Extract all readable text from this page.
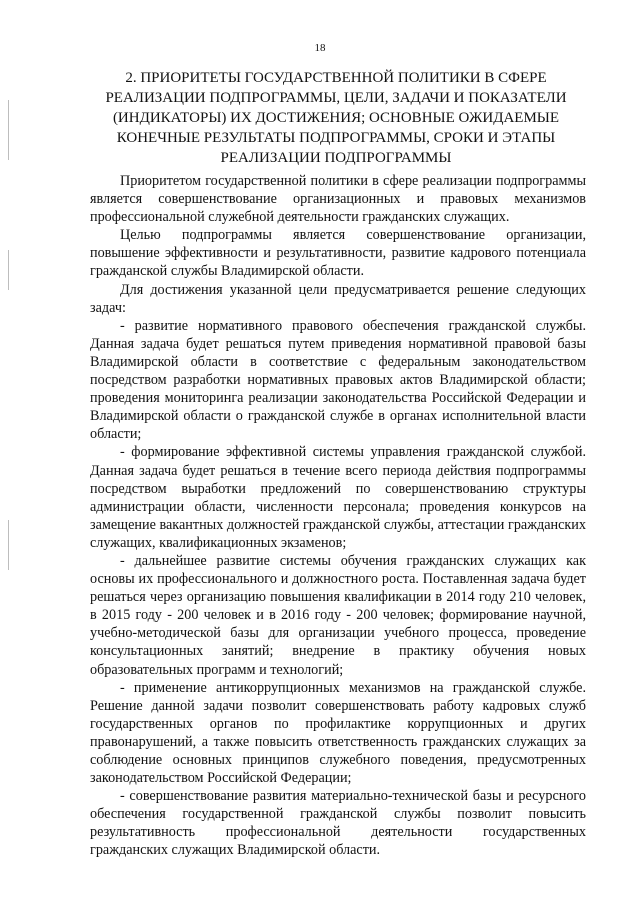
18
2. ПРИОРИТЕТЫ ГОСУДАРСТВЕННОЙ ПОЛИТИКИ В СФЕРЕ РЕАЛИЗАЦИИ ПОДПРОГРАММЫ, ЦЕЛИ, ЗАДАЧИ И ПОКАЗАТЕЛИ (ИНДИКАТОРЫ) ИХ ДОСТИЖЕНИЯ; ОСНОВНЫЕ ОЖИДАЕМЫЕ КОНЕЧНЫЕ РЕЗУЛЬТАТЫ ПОДПРОГРАММЫ, СРОКИ И ЭТАПЫ РЕАЛИЗАЦИИ ПОДПРОГРАММЫ

Приоритетом государственной политики в сфере реализации подпрограммы является совершенствование организационных и правовых механизмов профессиональной служебной деятельности гражданских служащих.

Целью подпрограммы является совершенствование организации, повышение эффективности и результативности, развитие кадрового потенциала гражданской службы Владимирской области.

Для достижения указанной цели предусматривается решение следующих задач:

- развитие нормативного правового обеспечения гражданской службы. Данная задача будет решаться путем приведения нормативной правовой базы Владимирской области в соответствие с федеральным законодательством посредством разработки нормативных правовых актов Владимирской области; проведения мониторинга реализации законодательства Российской Федерации и Владимирской области о гражданской службе в органах исполнительной власти области;

- формирование эффективной системы управления гражданской службой. Данная задача будет решаться в течение всего периода действия подпрограммы посредством выработки предложений по совершенствованию структуры администрации области, численности персонала; проведения конкурсов на замещение вакантных должностей гражданской службы, аттестации гражданских служащих, квалификационных экзаменов;

- дальнейшее развитие системы обучения гражданских служащих как основы их профессионального и должностного роста. Поставленная задача будет решаться через организацию повышения квалификации в 2014 году 210 человек, в 2015 году - 200 человек и в 2016 году - 200 человек; формирование научной, учебно-методической базы для организации учебного процесса, проведение консультационных занятий; внедрение в практику обучения новых образовательных программ и технологий;

- применение антикоррупционных механизмов на гражданской службе. Решение данной задачи позволит совершенствовать работу кадровых служб государственных органов по профилактике коррупционных и других правонарушений, а также повысить ответственность гражданских служащих за соблюдение основных принципов служебного поведения, предусмотренных законодательством Российской Федерации;

- совершенствование развития материально-технической базы и ресурсного обеспечения государственной гражданской службы позволит повысить результативность профессиональной деятельности государственных гражданских служащих Владимирской области.
